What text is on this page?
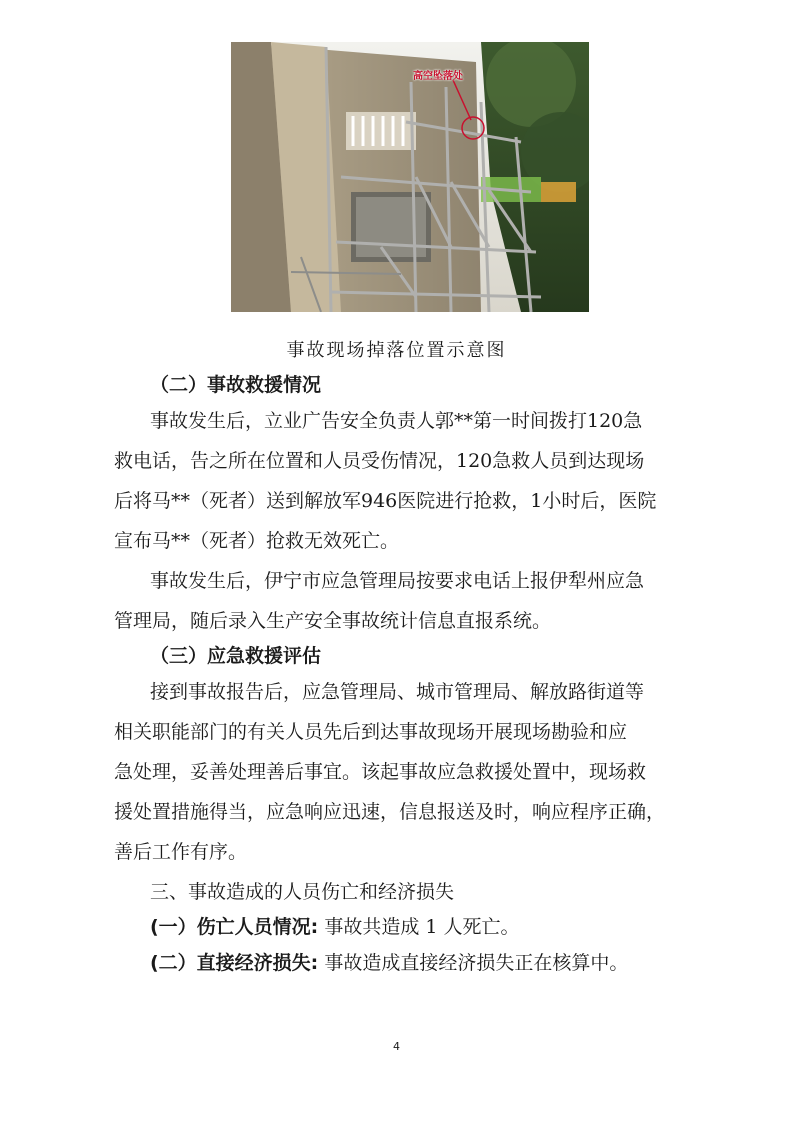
高空坠落处
事故现场掉落位置示意图
（二）事故救援情况
事故发生后，立业广告安全负责人郭**第一时间拨打120急
救电话，告之所在位置和人员受伤情况，120急救人员到达现场
后将马**（死者）送到解放军946医院进行抢救，1小时后，医院
宣布马**（死者）抢救无效死亡。
事故发生后，伊宁市应急管理局按要求电话上报伊犁州应急
管理局，随后录入生产安全事故统计信息直报系统。
（三）应急救援评估
接到事故报告后，应急管理局、城市管理局、解放路街道等
相关职能部门的有关人员先后到达事故现场开展现场勘验和应
急处理，妥善处理善后事宜。该起事故应急救援处置中，现场救
援处置措施得当，应急响应迅速，信息报送及时，响应程序正确，
善后工作有序。
三、事故造成的人员伤亡和经济损失
(一）伤亡人员情况: 事故共造成 1 人死亡。
(二）直接经济损失: 事故造成直接经济损失正在核算中。
4
